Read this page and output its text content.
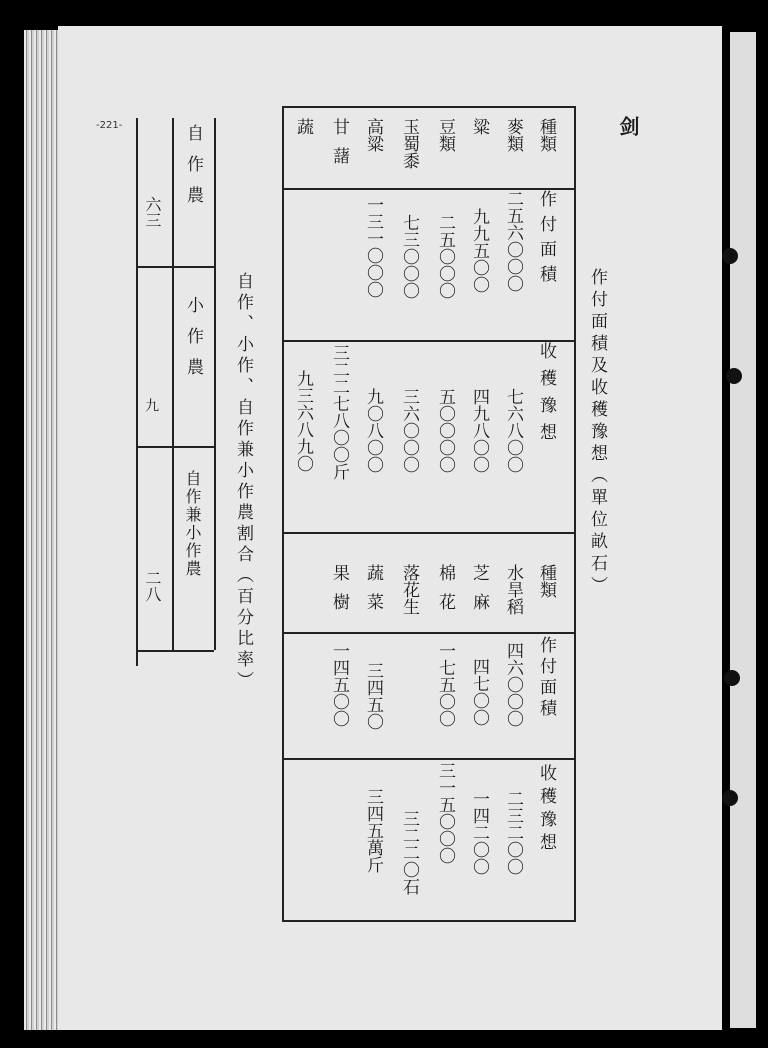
-221-	剑
作付面積及收穫豫想（單位畝石）
種類
作付面積
收穫豫想
種類
作付面積
收穫豫想
麥類
二五六〇〇〇
七六八〇〇
粱
九九五〇〇
四九八〇〇
豆類
二五〇〇〇
五〇〇〇〇
玉蜀黍
七三〇〇〇
三六〇〇〇
高粱
一三一〇〇〇
九〇八〇〇
甘藷
三二二七八〇〇斤
蔬
九三六八九〇
水旱稻
四六〇〇〇
二三二〇〇
芝麻
四七〇〇
一四二〇〇
棉花
一七五〇〇
三一五〇〇〇
落花生
三二二〇石
蔬菜
三四五〇
三四五萬斤
果樹
一四五〇〇
自作、小作、自作兼小作農割合（百分比率）
自作農
六三
小作農
九
自作兼小作農
二八
